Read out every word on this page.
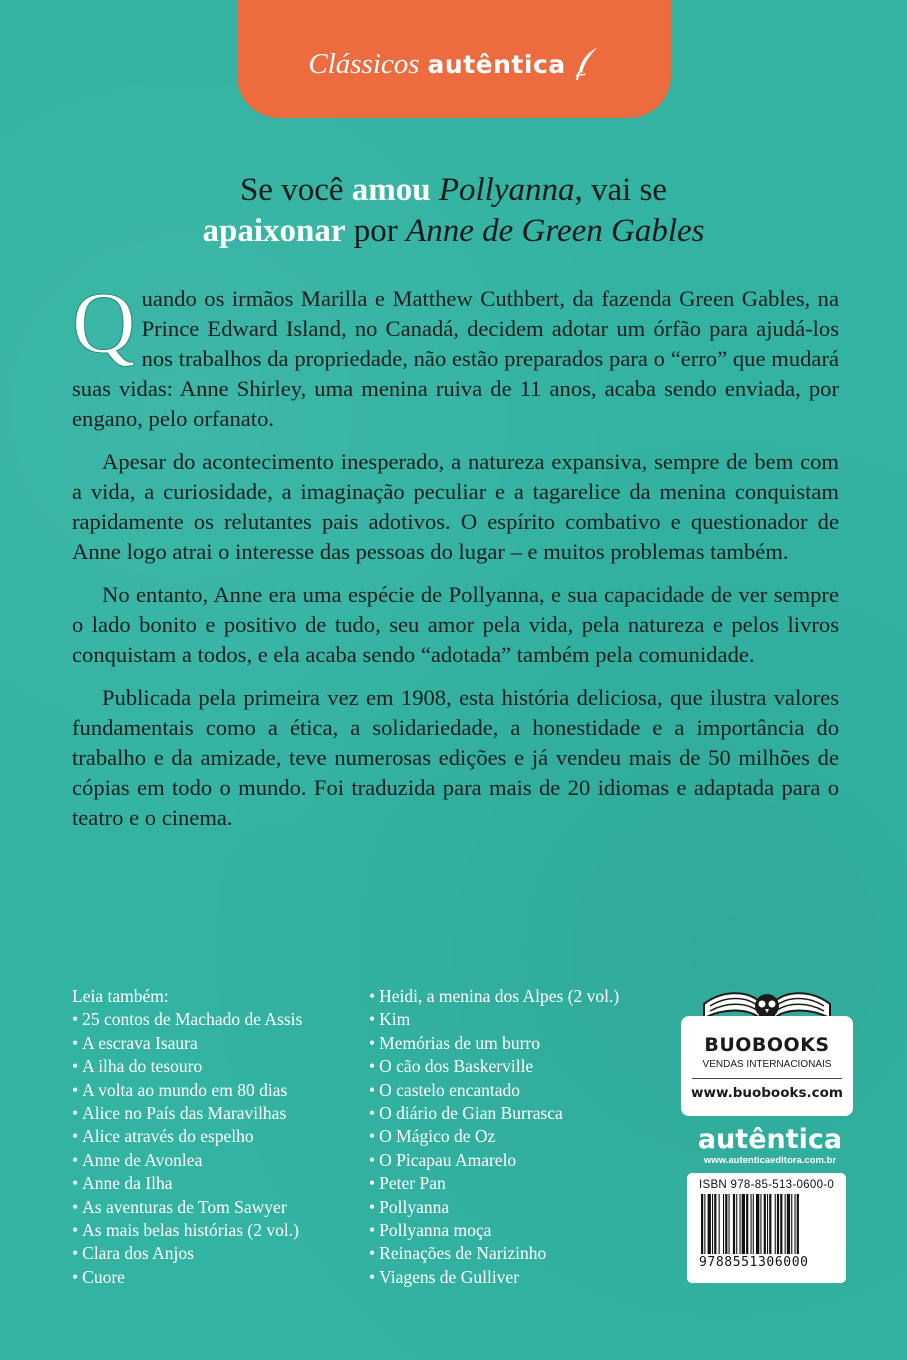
Clássicos autêntica
Se você amou Pollyanna, vai se
apaixonar por Anne de Green Gables

Quando os irmãos Marilla e Matthew Cuthbert, da fazenda Green Gables, na Prince Edward Island, no Canadá, decidem adotar um órfão para ajudá-los nos trabalhos da propriedade, não estão preparados para o “erro” que mudará suas vidas: Anne Shirley, uma menina ruiva de 11 anos, acaba sendo enviada, por engano, pelo orfanato.

Apesar do acontecimento inesperado, a natureza expansiva, sempre de bem com a vida, a curiosidade, a imaginação peculiar e a tagarelice da menina conquistam rapidamente os relutantes pais adotivos. O espírito combativo e questionador de Anne logo atrai o interesse das pessoas do lugar – e muitos problemas também.

No entanto, Anne era uma espécie de Pollyanna, e sua capacidade de ver sempre o lado bonito e positivo de tudo, seu amor pela vida, pela natureza e pelos livros conquistam a todos, e ela acaba sendo “adotada” também pela comunidade.

Publicada pela primeira vez em 1908, esta história deliciosa, que ilustra valores fundamentais como a ética, a solidariedade, a honestidade e a importância do trabalho e da amizade, teve numerosas edições e já vendeu mais de 50 milhões de cópias em todo o mundo. Foi traduzida para mais de 20 idiomas e adaptada para o teatro e o cinema.

Leia também:
• 25 contos de Machado de Assis
• A escrava Isaura
• A ilha do tesouro
• A volta ao mundo em 80 dias
• Alice no País das Maravilhas
• Alice através do espelho
• Anne de Avonlea
• Anne da Ilha
• As aventuras de Tom Sawyer
• As mais belas histórias (2 vol.)
• Clara dos Anjos
• Cuore
• Heidi, a menina dos Alpes (2 vol.)
• Kim
• Memórias de um burro
• O cão dos Baskerville
• O castelo encantado
• O diário de Gian Burrasca
• O Mágico de Oz
• O Picapau Amarelo
• Peter Pan
• Pollyanna
• Pollyanna moça
• Reinações de Narizinho
• Viagens de Gulliver
BUOBOOKS
VENDAS INTERNACIONAIS
www.buobooks.com
autêntica
www.autenticaeditora.com.br
ISBN 978-85-513-0600-0
9788551306000
